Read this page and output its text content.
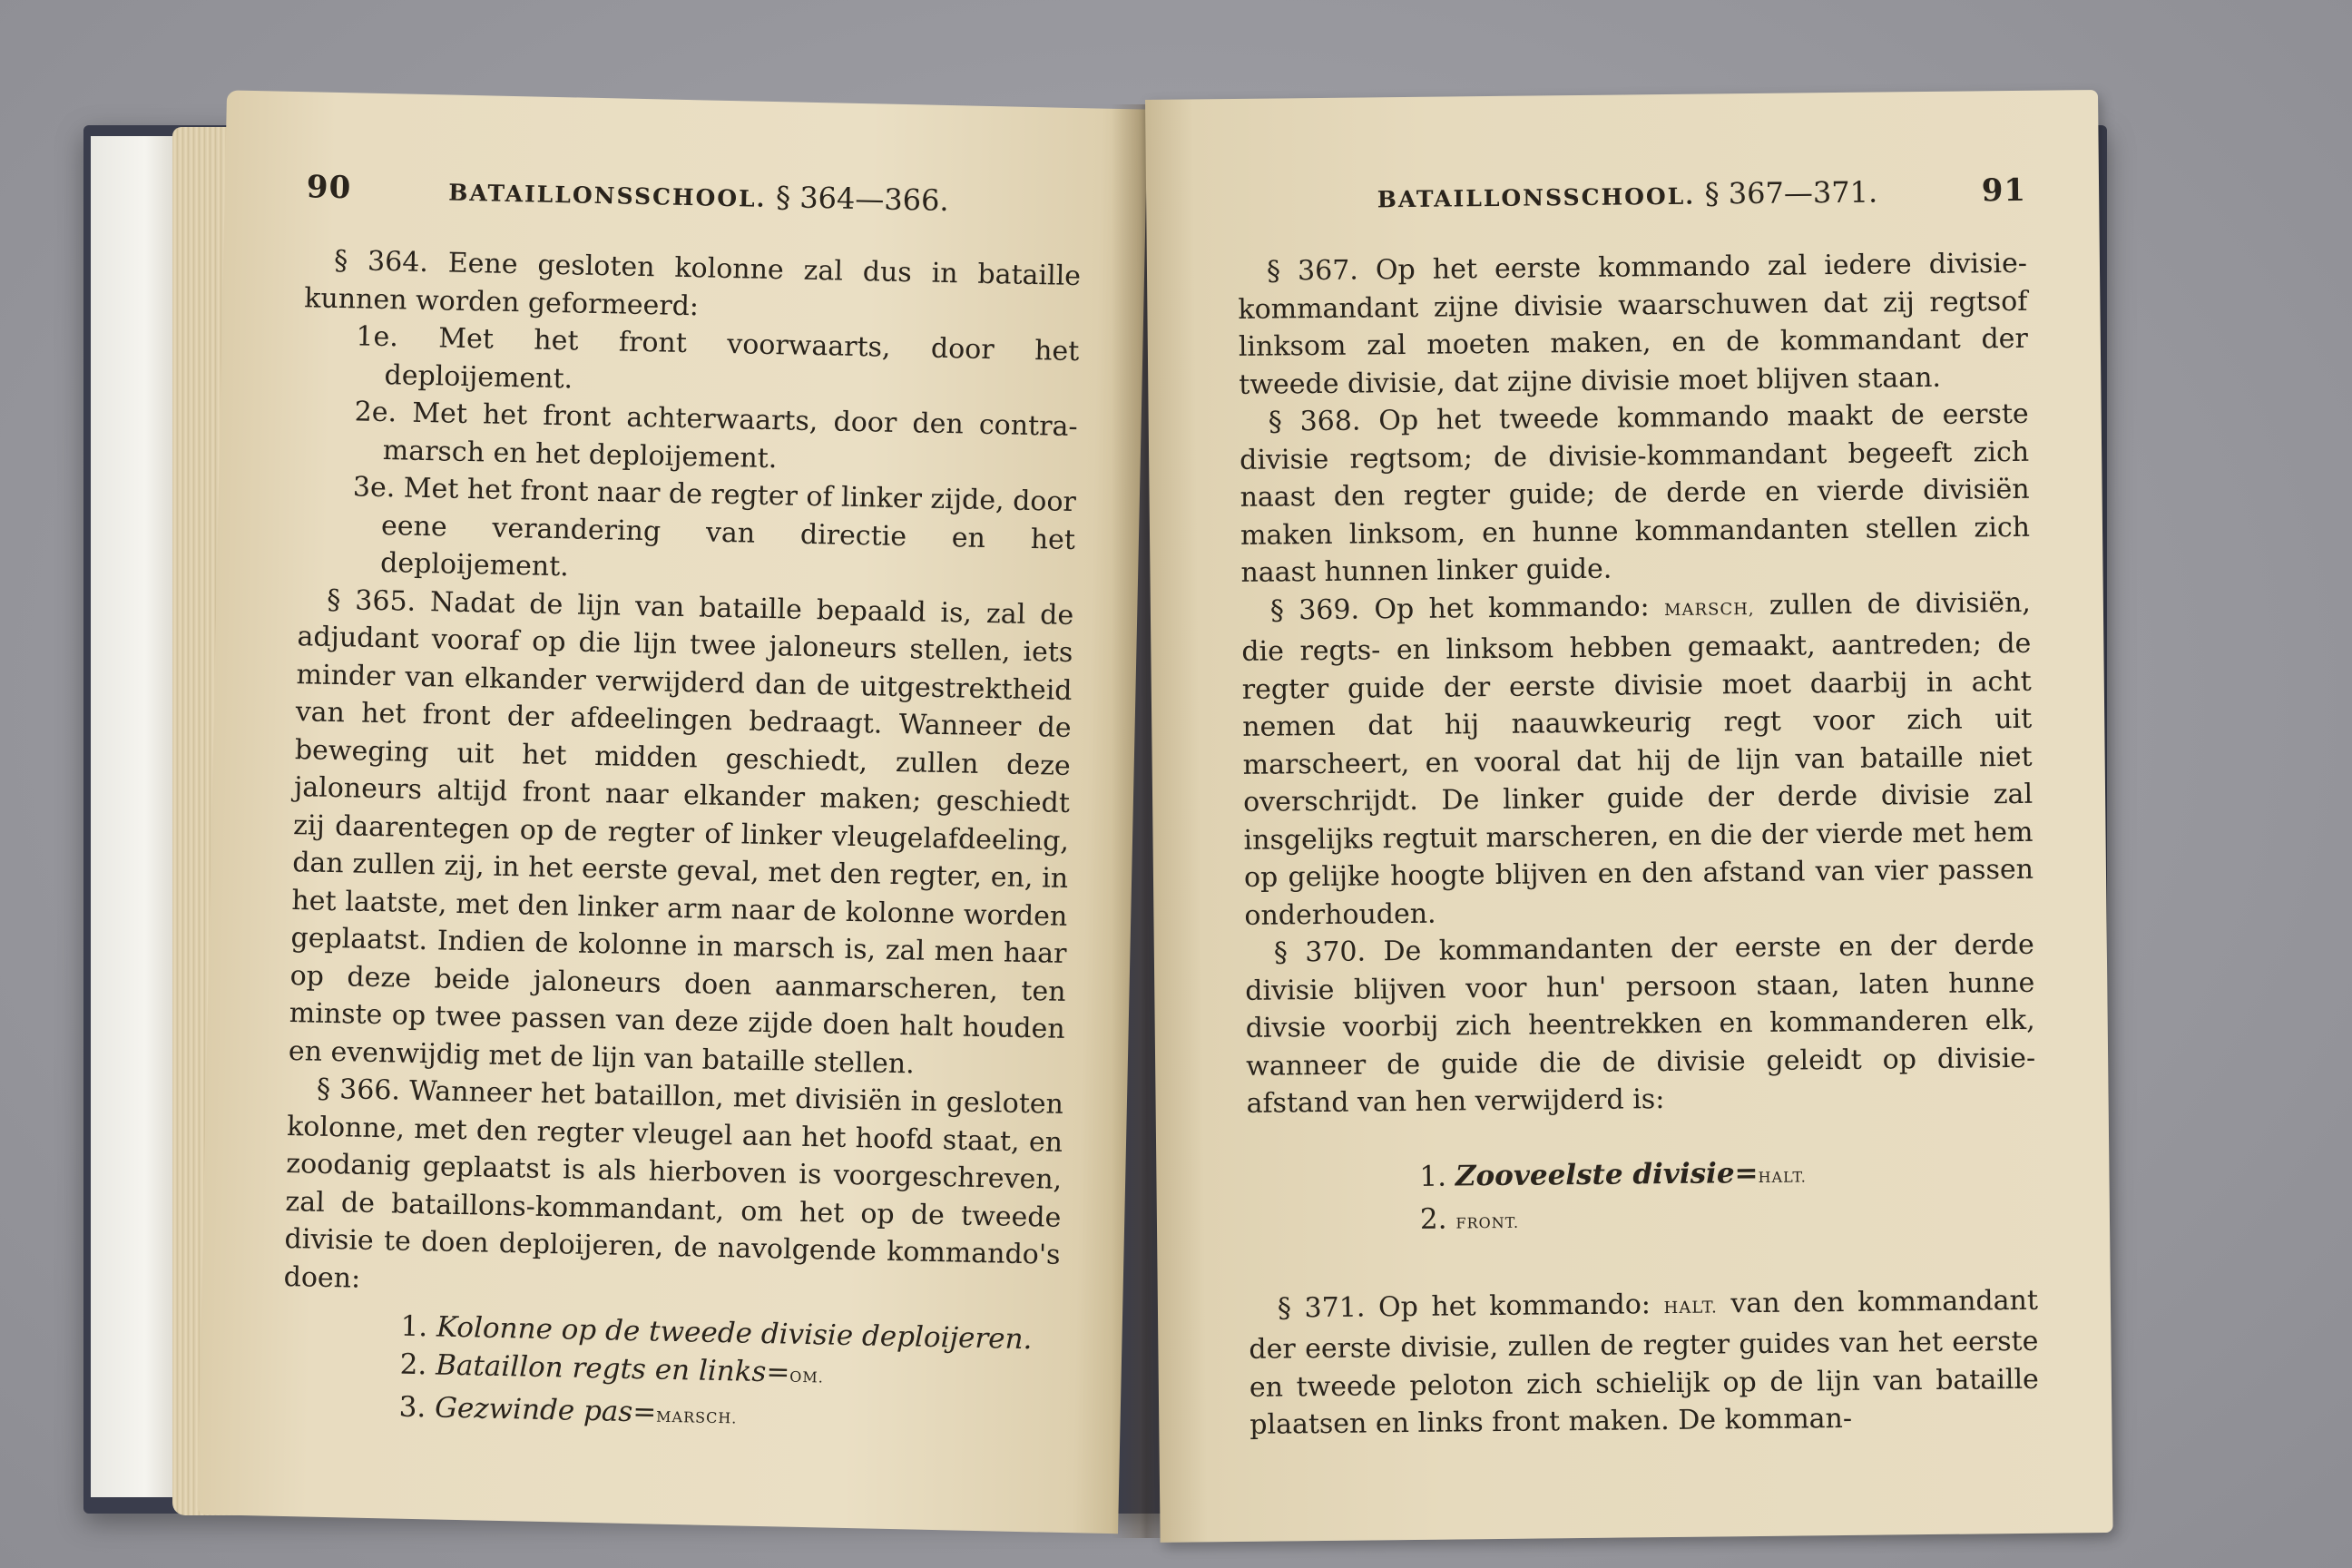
90	BATAILLONSSCHOOL. § 364—366.

§ 364. Eene gesloten kolonne zal dus in bataille kunnen worden geformeerd:

1e. Met het front voorwaarts, door het deploijement.

2e. Met het front achterwaarts, door den contra-marsch en het deploijement.

3e. Met het front naar de regter of linker zijde, door eene verandering van directie en het deploijement.

§ 365. Nadat de lijn van bataille bepaald is, zal de adjudant vooraf op die lijn twee jaloneurs stellen, iets minder van elkander verwijderd dan de uitgestrektheid van het front der afdeelingen bedraagt. Wanneer de beweging uit het midden geschiedt, zullen deze jaloneurs altijd front naar elkander maken; geschiedt zij daarentegen op de regter of linker vleugelafdeeling, dan zullen zij, in het eerste geval, met den regter, en, in het laatste, met den linker arm naar de kolonne worden geplaatst. Indien de kolonne in marsch is, zal men haar op deze beide jaloneurs doen aanmarscheren, ten minste op twee passen van deze zijde doen halt houden en evenwijdig met de lijn van bataille stellen.

§ 366. Wanneer het bataillon, met divisiën in gesloten kolonne, met den regter vleugel aan het hoofd staat, en zoodanig geplaatst is als hierboven is voorgeschreven, zal de bataillons-kommandant, om het op de tweede divisie te doen deploijeren, de navolgende kommando's doen:

1. Kolonne op de tweede divisie deploijeren.
2. Bataillon regts en links=OM.
3. Gezwinde pas=MARSCH.
BATAILLONSSCHOOL. § 367—371.	91

§ 367. Op het eerste kommando zal iedere divisie-kommandant zijne divisie waarschuwen dat zij regtsof linksom zal moeten maken, en de kommandant der tweede divisie, dat zijne divisie moet blijven staan.

§ 368. Op het tweede kommando maakt de eerste divisie regtsom; de divisie-kommandant begeeft zich naast den regter guide; de derde en vierde divisiën maken linksom, en hunne kommandanten stellen zich naast hunnen linker guide.

§ 369. Op het kommando: MARSCH, zullen de divisiën, die regts- en linksom hebben gemaakt, aantreden; de regter guide der eerste divisie moet daarbij in acht nemen dat hij naauwkeurig regt voor zich uit marscheert, en vooral dat hij de lijn van bataille niet overschrijdt. De linker guide der derde divisie zal insgelijks regtuit marscheren, en die der vierde met hem op gelijke hoogte blijven en den afstand van vier passen onderhouden.

§ 370. De kommandanten der eerste en der derde divisie blijven voor hun' persoon staan, laten hunne divsie voorbij zich heentrekken en kommanderen elk, wanneer de guide die de divisie geleidt op divisie-afstand van hen verwijderd is:

1. Zooveelste divisie=HALT.
2. FRONT.

§ 371. Op het kommando: HALT. van den kommandant der eerste divisie, zullen de regter guides van het eerste en tweede peloton zich schielijk op de lijn van bataille plaatsen en links front maken. De komman-
